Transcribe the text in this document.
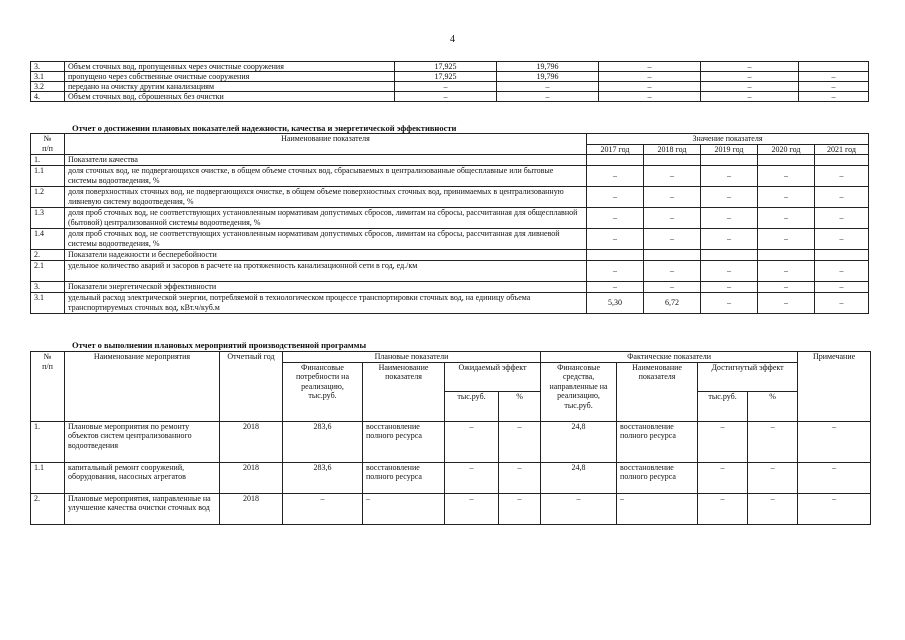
4
3.	Объем сточных вод, пропущенных через очистные сооружения	17,925	19,796	–	–	
3.1	пропущено через собственные очистные сооружения	17,925	19,796	–	–	–
3.2	передано на очистку другим канализациям	–	–	–	–	–
4.	Объем сточных вод, сброшенных без очистки	–	–	–	–	–
Отчет о достижении плановых показателей надежности, качества и энергетической эффективности
№
п/п	Наименование показателя	Значение показателя				
		2017 год	2018 год	2019 год	2020 год	2021 год
1.	Показатели качества					
1.1	доля сточных вод, не подвергающихся очистке, в общем объеме сточных вод, сбрасываемых в централизованные общесплавные или бытовые системы водоотведения, %	–	–	–	–	–
1.2	доля поверхностных сточных вод, не подвергающихся очистке, в общем объеме поверхностных сточных вод, принимаемых в централизованную ливневую систему водоотведения, %	–	–	–	–	–
1.3	доля проб сточных вод, не соответствующих установленным нормативам допустимых сбросов, лимитам на сбросы, рассчитанная для общесплавной (бытовой) централизованной системы водоотведения, %	–	–	–	–	–
1.4	доля проб сточных вод, не соответствующих установленным нормативам допустимых сбросов, лимитам на сбросы, рассчитанная для ливневой системы водоотведения, %	–	–	–	–	–
2.	Показатели надежности и бесперебойности					
2.1	удельное количество аварий и засоров в расчете на протяженность канализационной сети в год, ед./км	–	–	–	–	–
3.	Показатели энергетической эффективности	–	–	–	–	–
3.1	удельный расход электрической энергии, потребляемой в технологическом процессе транспортировки сточных вод, на единицу объема транспортируемых сточных вод, кВт.ч/куб.м	5,30	6,72	–	–	–
Отчет о выполнении плановых мероприятий производственной программы
№
п/п	Наименование мероприятия	Отчетный год	Плановые показатели				Фактические показатели				Примечание
			Финансовые потребности на реализацию, тыс.руб.	Наименование показателя	Ожидаемый эффект		Финансовые средства, направленные на реализацию, тыс.руб.	Наименование показателя	Достигнутый эффект		
					тыс.руб.	%			тыс.руб.	%	
1.	Плановые мероприятия по ремонту объектов систем централизованного водоотведения	2018	283,6	восстановление полного ресурса	–	–	24,8	восстановление полного ресурса	–	–	–
1.1	капитальный ремонт сооружений, оборудования, насосных агрегатов	2018	283,6	восстановление полного ресурса	–	–	24,8	восстановление полного ресурса	–	–	–
2.	Плановые мероприятия, направленные на улучшение качества очистки сточных вод	2018	–	–	–	–	–	–	–	–	–
